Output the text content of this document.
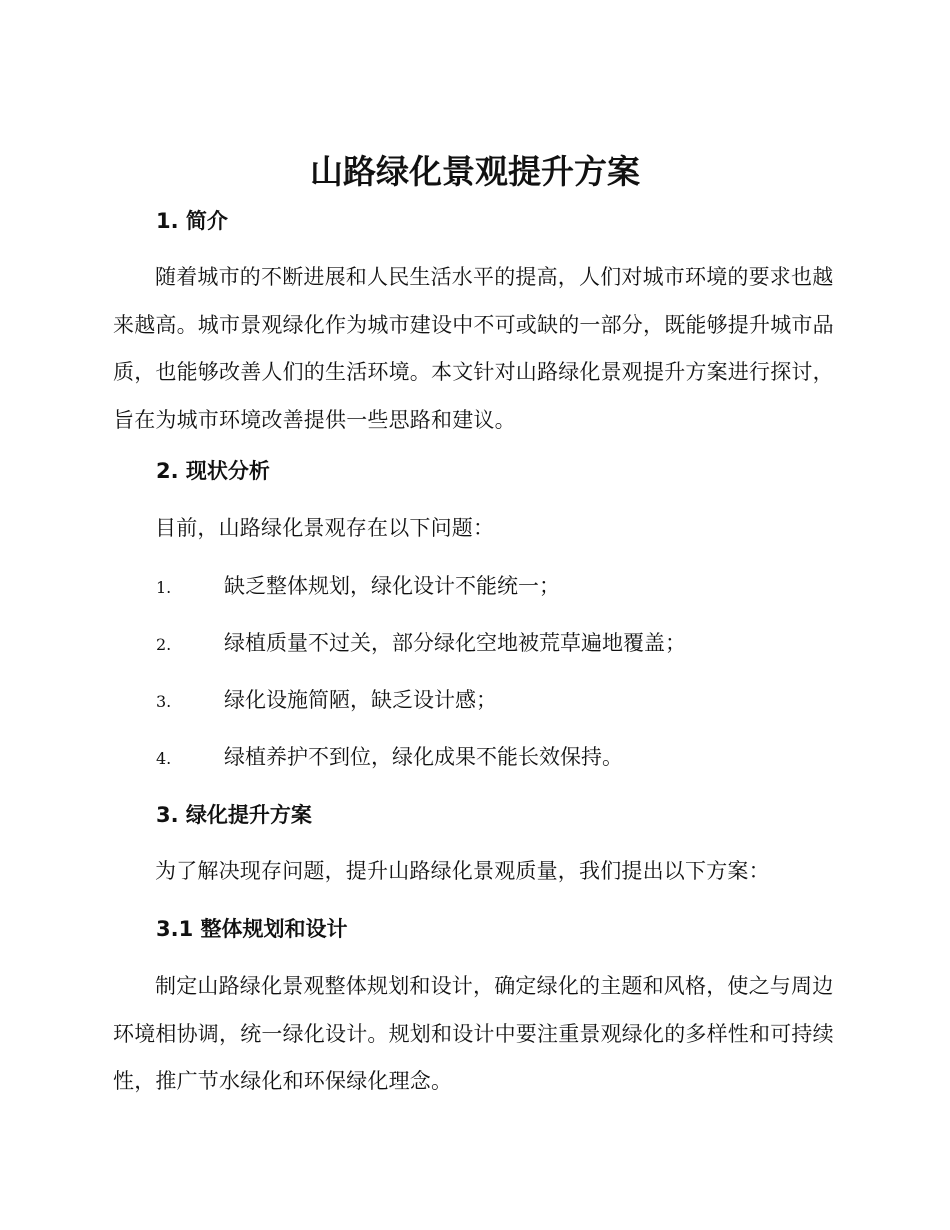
山路绿化景观提升方案
1. 简介

随着城市的不断进展和人民生活水平的提高，人们对城市环境的要求也越来越高。城市景观绿化作为城市建设中不可或缺的一部分，既能够提升城市品质，也能够改善人们的生活环境。本文针对山路绿化景观提升方案进行探讨，旨在为城市环境改善提供一些思路和建议。

2. 现状分析

目前，山路绿化景观存在以下问题：

1.	缺乏整体规划，绿化设计不能统一；
2.	绿植质量不过关，部分绿化空地被荒草遍地覆盖；
3.	绿化设施简陋，缺乏设计感；
4.	绿植养护不到位，绿化成果不能长效保持。
3. 绿化提升方案

为了解决现存问题，提升山路绿化景观质量，我们提出以下方案：

3.1 整体规划和设计

制定山路绿化景观整体规划和设计，确定绿化的主题和风格，使之与周边环境相协调，统一绿化设计。规划和设计中要注重景观绿化的多样性和可持续性，推广节水绿化和环保绿化理念。
